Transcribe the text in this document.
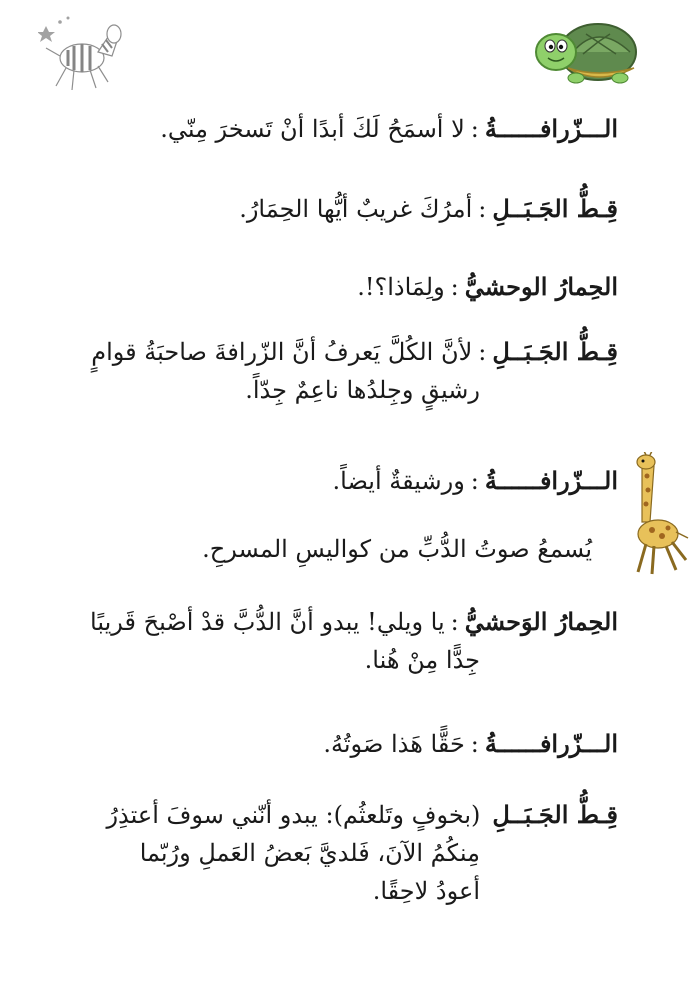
الـــزّرافــــــةُ:لا أسمَحُ لَكَ أبدًا أنْ تَسخرَ مِنّي.
قِـطُّ الجَـبَــلِ:أمرُكَ غريبٌ أيُّها الحِمَارُ.
الحِمارُ الوحشيُّ:ولِمَاذا؟!.
قِـطُّ الجَـبَــلِ:لأنَّ الكُلَّ يَعرفُ أنَّ الزّرافةَ صاحبَةُ قوامٍ
رشيقٍ وجِلدُها ناعِمٌ جِدّاً.
الـــزّرافــــــةُ:ورشيقةٌ أيضاً.
يُسمعُ صوتُ الدُّبِّ من كواليسِ المسرحِ.
الحِمارُ الوَحشيُّ:يا ويلي! يبدو أنَّ الدُّبَّ قدْ أصْبحَ قَريبًا
جِدًّا مِنْ هُنا.
الـــزّرافــــــةُ:حَقًّا هَذا صَوتُهُ.
قِـطُّ الجَـبَــلِ(بخوفٍ وتَلعثُم): يبدو أنّني سوفَ أعتذِرُ
مِنكُمُ الآنَ، فَلديَّ بَعضُ العَملِ ورُبّما
أعودُ لاحِقًا.
